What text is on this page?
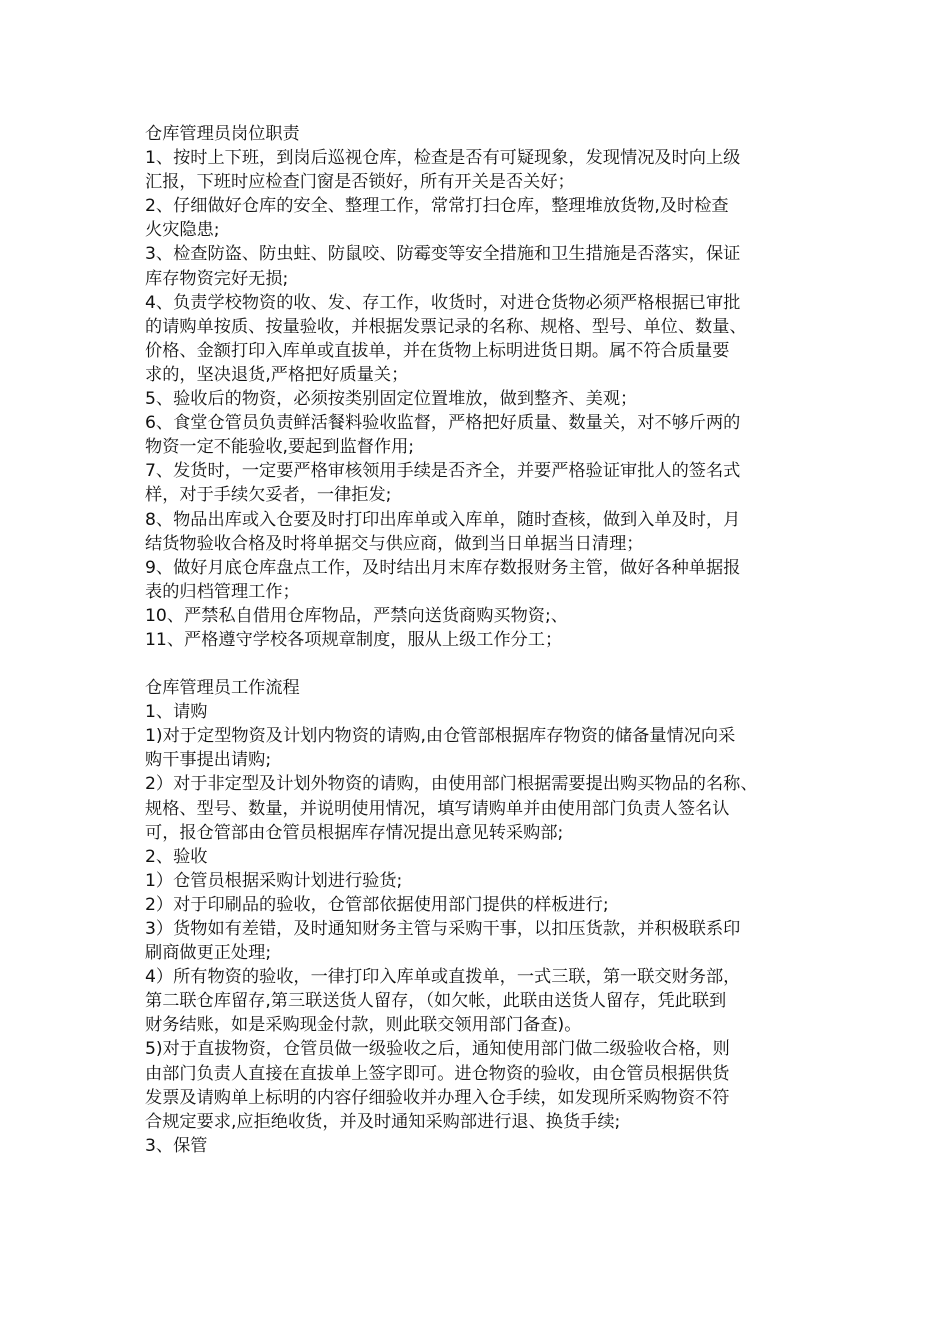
仓库管理员岗位职责

1、按时上下班，到岗后巡视仓库，检查是否有可疑现象，发现情况及时向上级

汇报，下班时应检查门窗是否锁好，所有开关是否关好；

2、仔细做好仓库的安全、整理工作，常常打扫仓库，整理堆放货物,及时检查

火灾隐患;

3、检查防盗、防虫蛀、防鼠咬、防霉变等安全措施和卫生措施是否落实，保证

库存物资完好无损;

4、负责学校物资的收、发、存工作，收货时，对进仓货物必须严格根据已审批

的请购单按质、按量验收，并根据发票记录的名称、规格、型号、单位、数量、

价格、金额打印入库单或直拔单，并在货物上标明进货日期。属不符合质量要

求的，坚决退货,严格把好质量关；

5、验收后的物资，必须按类别固定位置堆放，做到整齐、美观；

6、食堂仓管员负责鲜活餐料验收监督，严格把好质量、数量关，对不够斤两的

物资一定不能验收,要起到监督作用;

7、发货时，一定要严格审核领用手续是否齐全，并要严格验证审批人的签名式

样，对于手续欠妥者，一律拒发;

8、物品出库或入仓要及时打印出库单或入库单，随时查核，做到入单及时，月

结货物验收合格及时将单据交与供应商，做到当日单据当日清理；

9、做好月底仓库盘点工作，及时结出月末库存数报财务主管，做好各种单据报

表的归档管理工作；

10、严禁私自借用仓库物品，严禁向送货商购买物资;、

11、严格遵守学校各项规章制度，服从上级工作分工；

仓库管理员工作流程

1、请购

1)对于定型物资及计划内物资的请购,由仓管部根据库存物资的储备量情况向采

购干事提出请购;

2）对于非定型及计划外物资的请购，由使用部门根据需要提出购买物品的名称、

规格、型号、数量，并说明使用情况，填写请购单并由使用部门负责人签名认

可，报仓管部由仓管员根据库存情况提出意见转采购部;

2、验收

1）仓管员根据采购计划进行验货;

2）对于印刷品的验收，仓管部依据使用部门提供的样板进行;

3）货物如有差错，及时通知财务主管与采购干事，以扣压货款，并积极联系印

刷商做更正处理;

4）所有物资的验收，一律打印入库单或直拨单，一式三联，第一联交财务部，

第二联仓库留存,第三联送货人留存，（如欠帐，此联由送货人留存，凭此联到

财务结账，如是采购现金付款，则此联交领用部门备查)。

5)对于直拔物资，仓管员做一级验收之后，通知使用部门做二级验收合格，则

由部门负责人直接在直拔单上签字即可。进仓物资的验收，由仓管员根据供货

发票及请购单上标明的内容仔细验收并办理入仓手续，如发现所采购物资不符

合规定要求,应拒绝收货，并及时通知采购部进行退、换货手续;

3、保管
